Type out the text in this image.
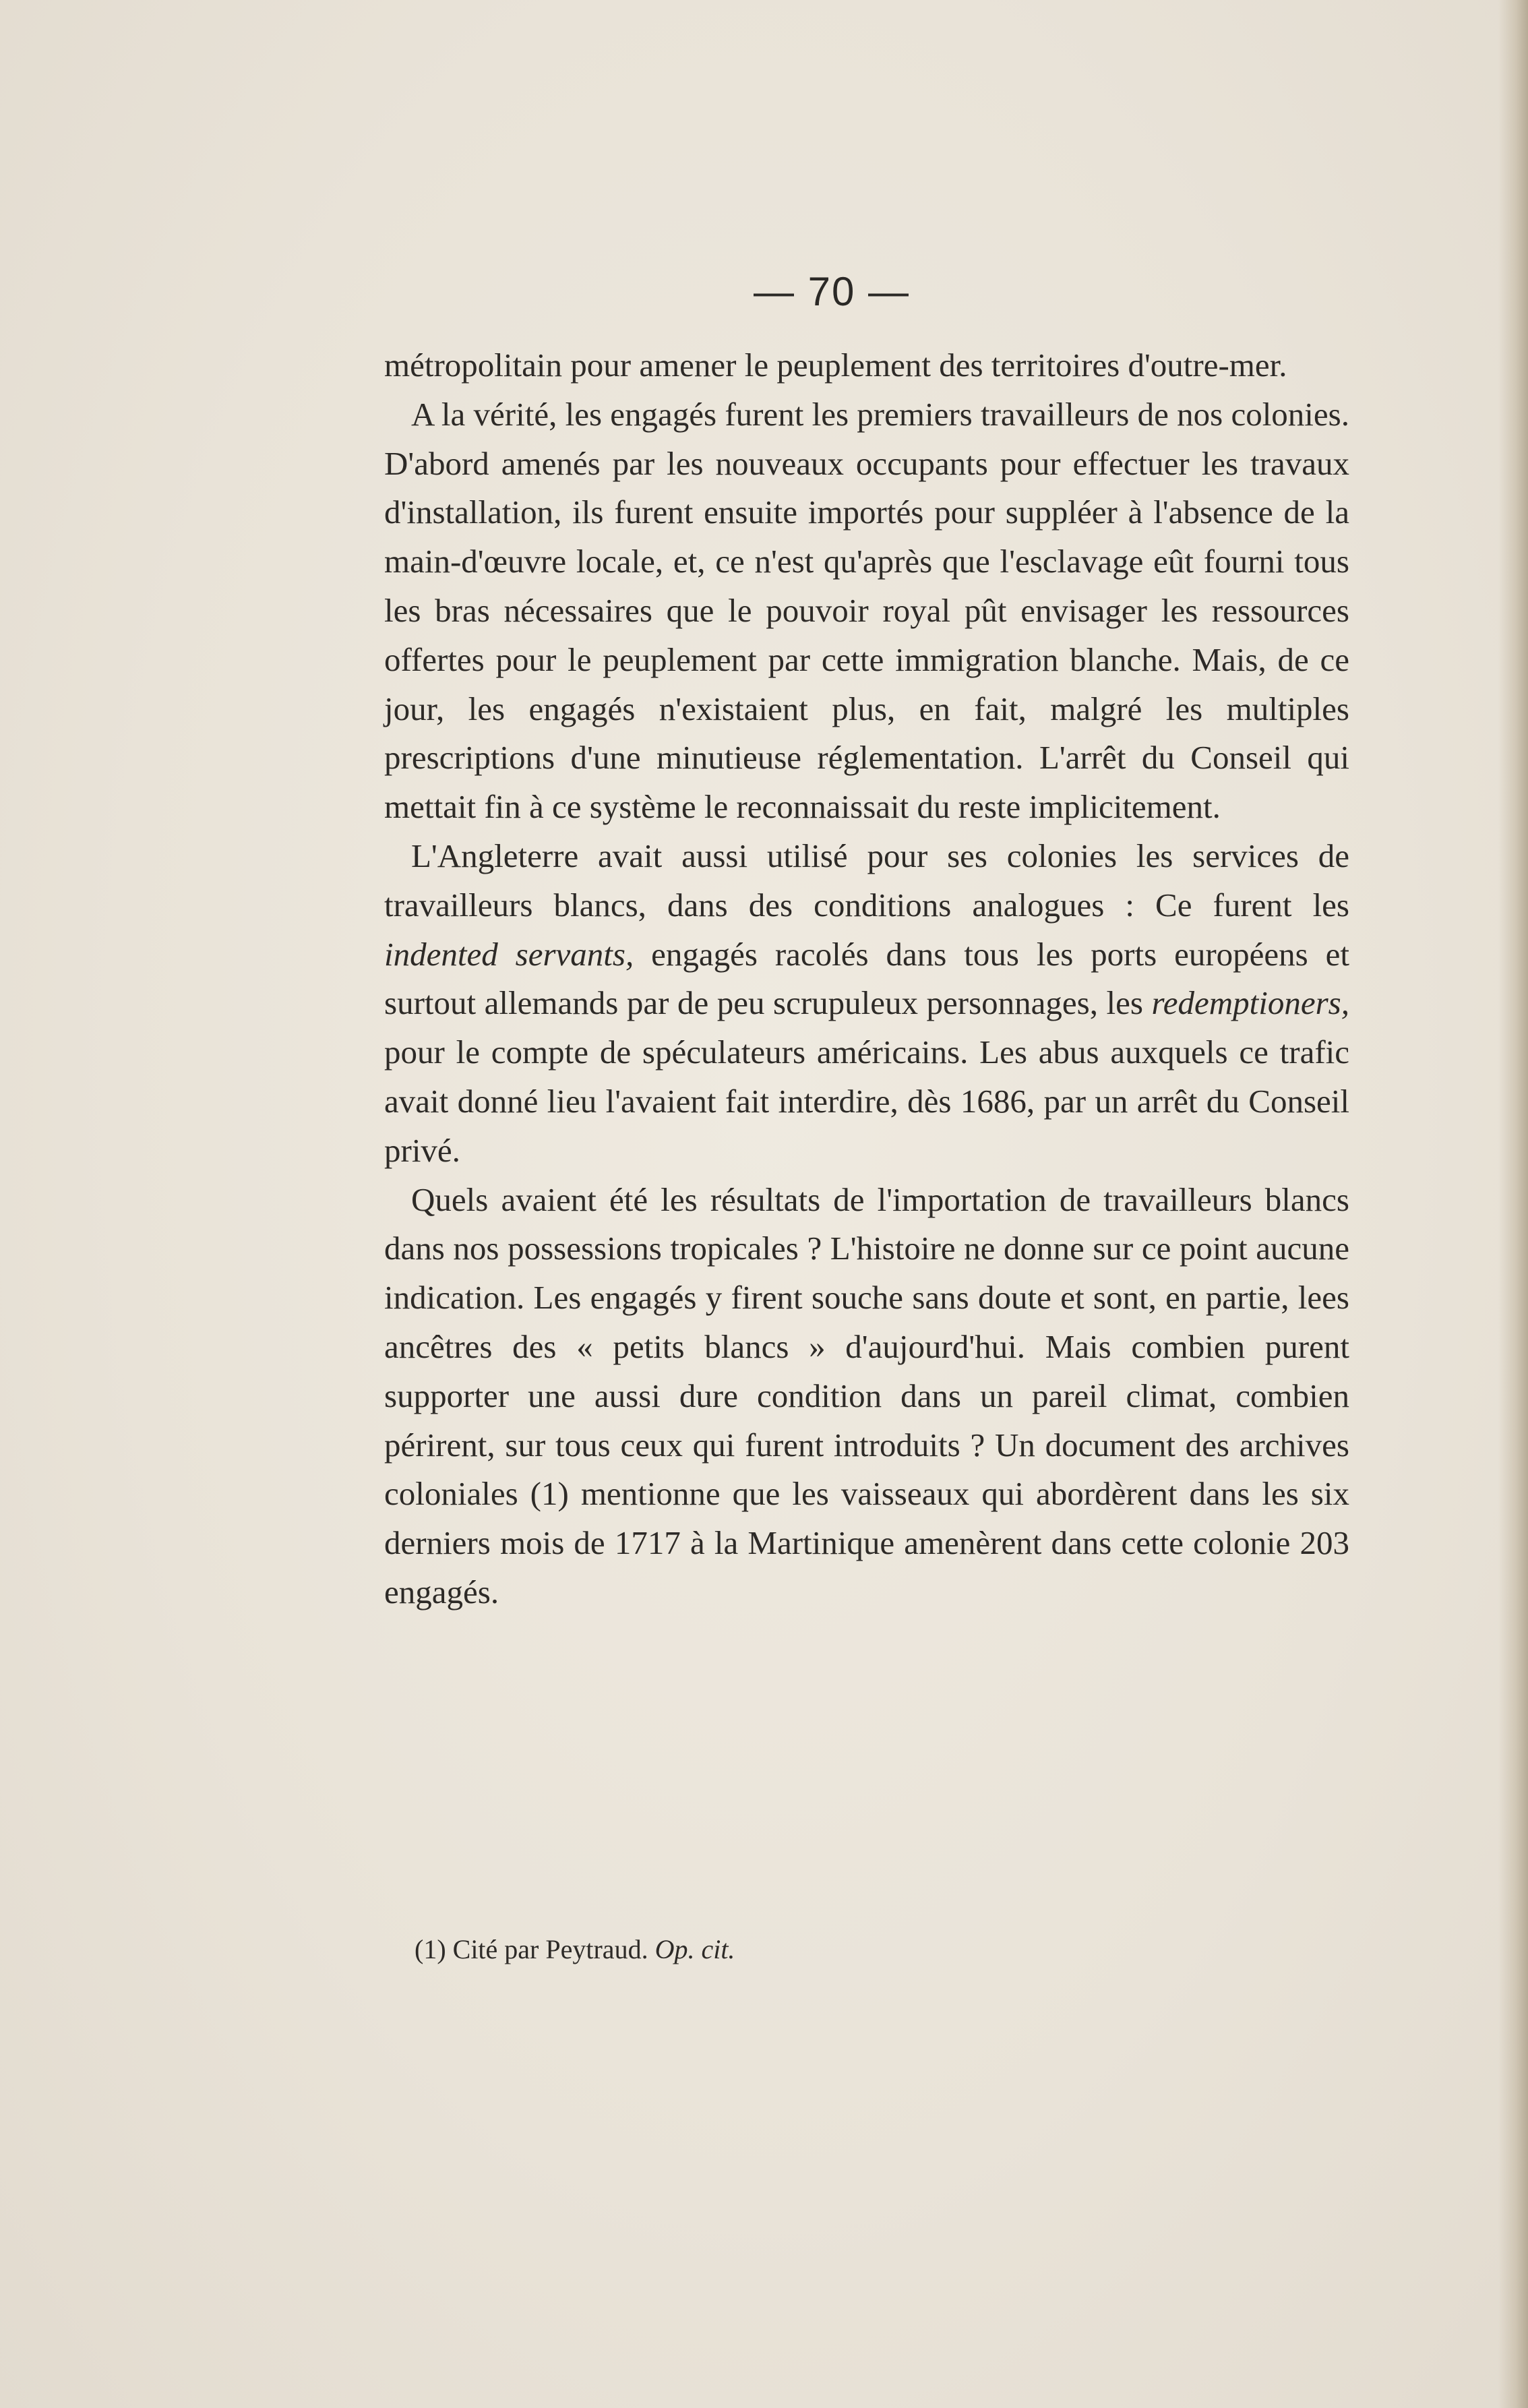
— 70 —

métropolitain pour amener le peuplement des territoires d'outre-mer.

A la vérité, les engagés furent les premiers travailleurs de nos colonies. D'abord amenés par les nouveaux occupants pour effectuer les travaux d'installation, ils furent ensuite importés pour suppléer à l'absence de la main-d'œuvre locale, et, ce n'est qu'après que l'esclavage eût fourni tous les bras nécessaires que le pouvoir royal pût envisager les ressources offertes pour le peuplement par cette immigration blanche. Mais, de ce jour, les engagés n'existaient plus, en fait, malgré les multiples prescriptions d'une minutieuse réglementation. L'arrêt du Conseil qui mettait fin à ce système le reconnaissait du reste implicitement.

L'Angleterre avait aussi utilisé pour ses colonies les services de travailleurs blancs, dans des conditions analogues : Ce furent les indented servants, engagés racolés dans tous les ports européens et surtout allemands par de peu scrupuleux personnages, les redemptioners, pour le compte de spéculateurs américains. Les abus auxquels ce trafic avait donné lieu l'avaient fait interdire, dès 1686, par un arrêt du Conseil privé.

Quels avaient été les résultats de l'importation de travailleurs blancs dans nos possessions tropicales ? L'histoire ne donne sur ce point aucune indication. Les engagés y firent souche sans doute et sont, en partie, lees ancêtres des « petits blancs » d'aujourd'hui. Mais combien purent supporter une aussi dure condition dans un pareil climat, combien périrent, sur tous ceux qui furent introduits ? Un document des archives coloniales (1) mentionne que les vaisseaux qui abordèrent dans les six derniers mois de 1717 à la Martinique amenèrent dans cette colonie 203 engagés.

(1) Cité par Peytraud. Op. cit.
